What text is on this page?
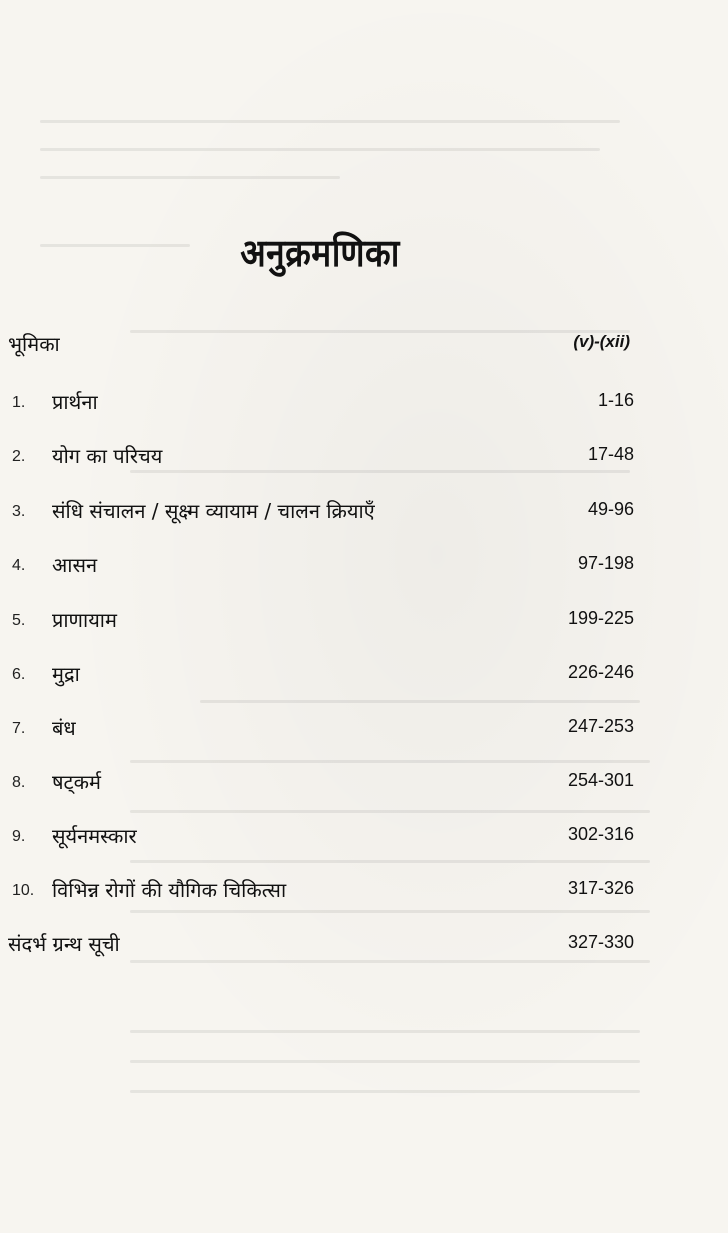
अनुक्रमणिका
भूमिका	(v)-(xii)
1. प्रार्थना	1-16
2. योग का परिचय	17-48
3. संधि संचालन / सूक्ष्म व्यायाम / चालन क्रियाएँ	49-96
4. आसन	97-198
5. प्राणायाम	199-225
6. मुद्रा	226-246
7. बंध	247-253
8. षट्कर्म	254-301
9. सूर्यनमस्कार	302-316
10. विभिन्न रोगों की यौगिक चिकित्सा	317-326
संदर्भ ग्रन्थ सूची	327-330
